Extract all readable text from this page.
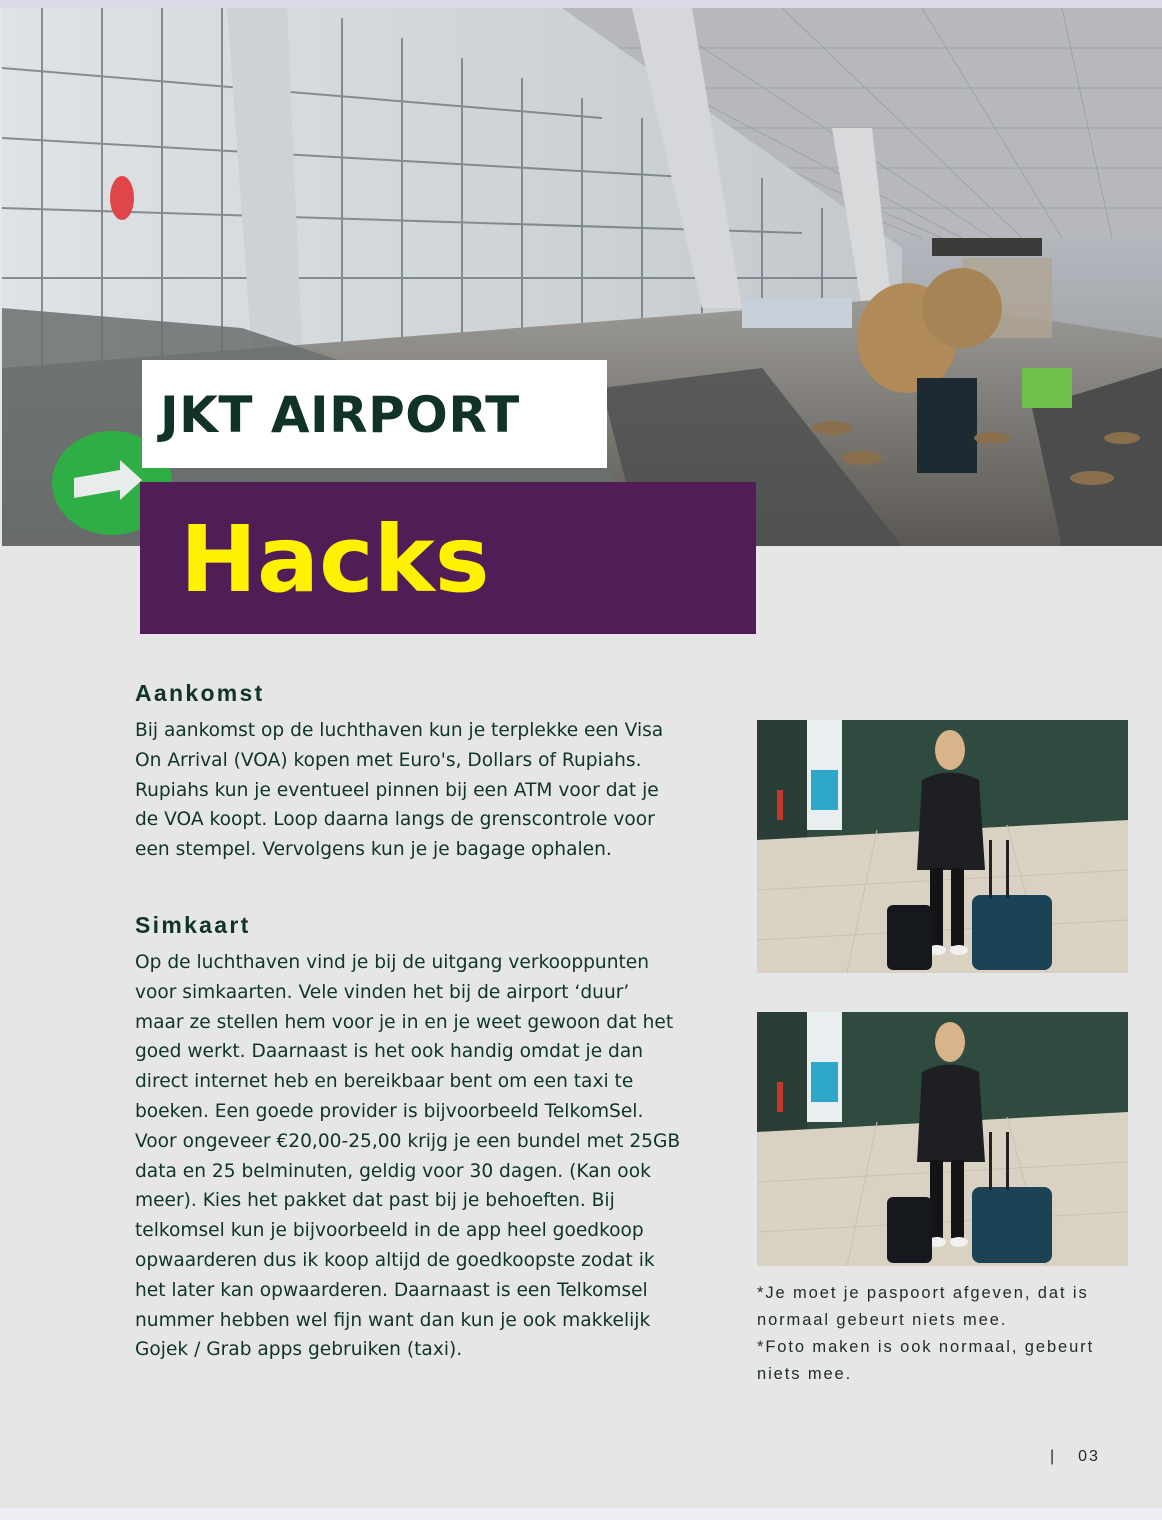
JKT AIRPORT
Hacks
Aankomst
Bij aankomst op de luchthaven kun je terplekke een Visa On Arrival (VOA) kopen met Euro's, Dollars of Rupiahs. Rupiahs kun je eventueel pinnen bij een ATM voor dat je de VOA koopt. Loop daarna langs de grenscontrole voor een stempel. Vervolgens kun je je bagage ophalen.
Simkaart
Op de luchthaven vind je bij de uitgang verkooppunten voor simkaarten. Vele vinden het bij de airport ‘duur’ maar ze stellen hem voor je in en je weet gewoon dat het goed werkt. Daarnaast is het ook handig omdat je dan direct internet heb en bereikbaar bent om een taxi te boeken. Een goede provider is bijvoorbeeld TelkomSel. Voor ongeveer €20,00-25,00 krijg je een bundel met 25GB data en 25 belminuten, geldig voor 30 dagen. (Kan ook meer). Kies het pakket dat past bij je behoeften. Bij telkomsel kun je bijvoorbeeld in de app heel goedkoop opwaarderen dus ik koop altijd de goedkoopste zodat ik het later kan opwaarderen. Daarnaast is een Telkomsel nummer hebben wel fijn want dan kun je ook makkelijk Gojek / Grab apps gebruiken (taxi).
*Je moet je paspoort afgeven, dat is normaal gebeurt niets mee.
*Foto maken is ook normaal, gebeurt niets mee.
| 03
